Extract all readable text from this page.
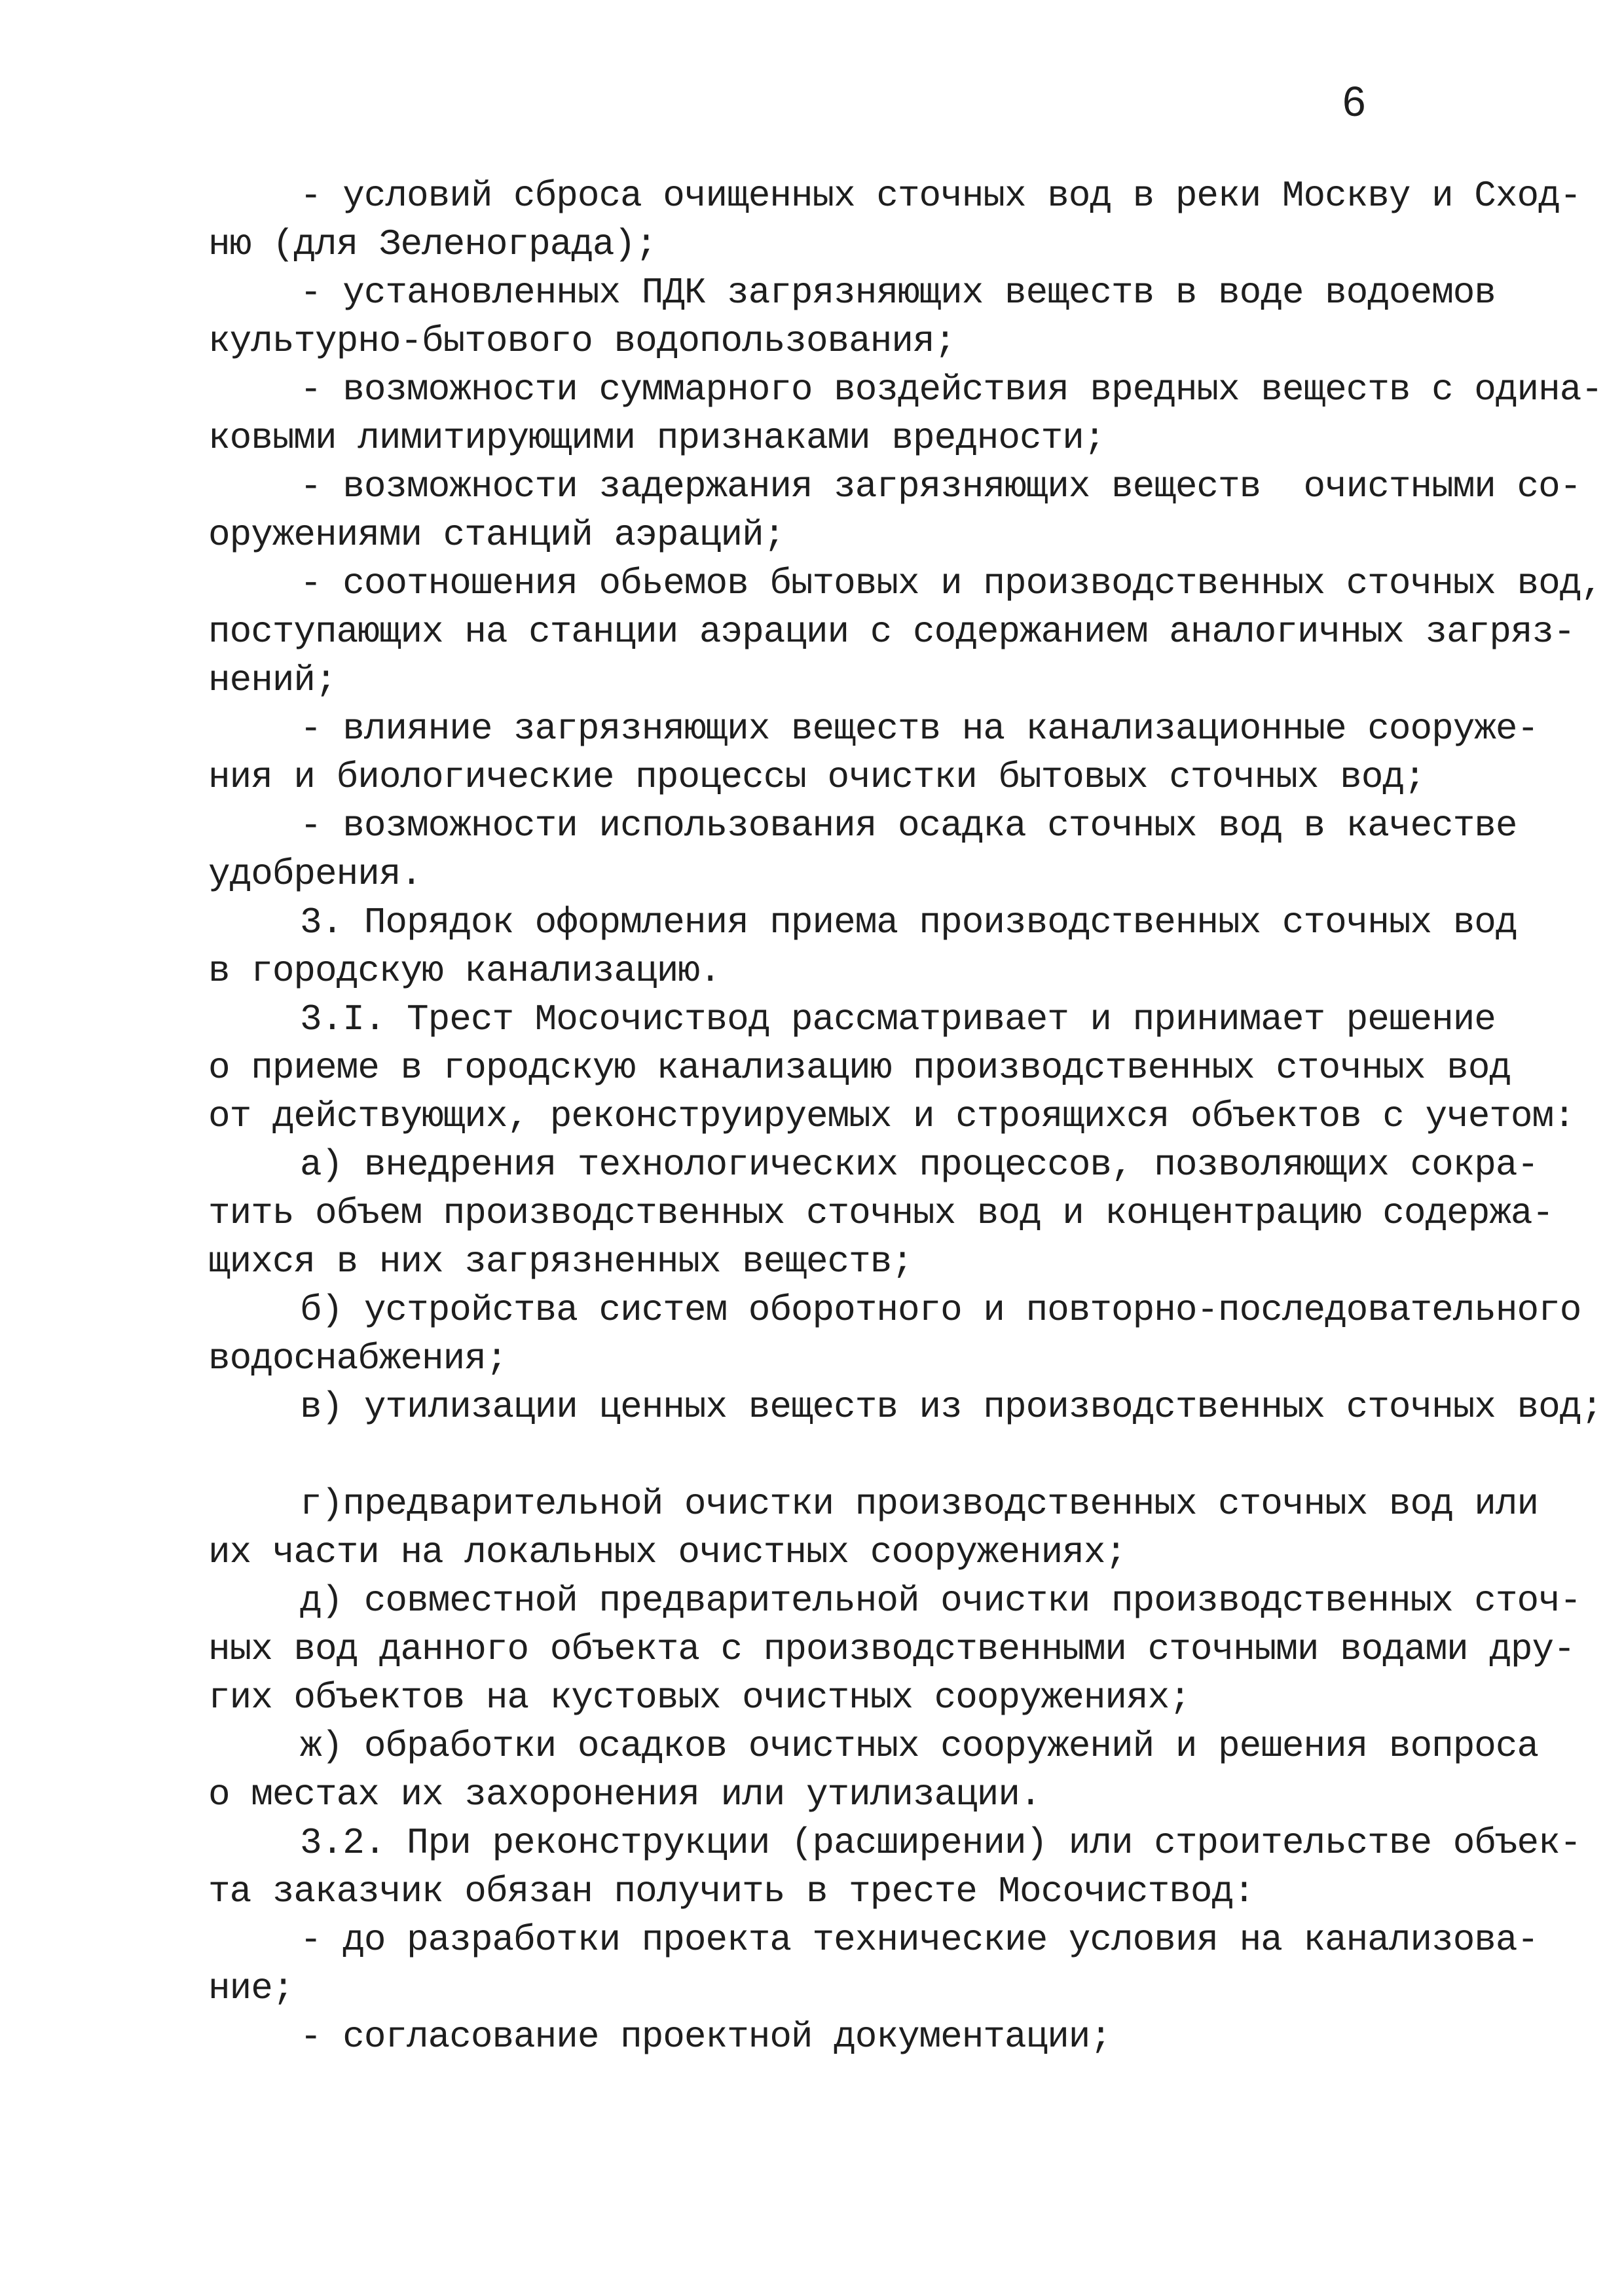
6
- условий сброса очищенных сточных вод в реки Москву и Сход-
ню (для Зеленограда);
- установленных ПДК загрязняющих веществ в воде водоемов
культурно-бытового водопользования;
- возможности суммарного воздействия вредных веществ с одина-
ковыми лимитирующими признаками вредности;
- возможности задержания загрязняющих веществ  очистными со-
оружениями станций аэраций;
- соотношения обьемов бытовых и производственных сточных вод,
поступающих на станции аэрации с содержанием аналогичных загряз-
нений;
- влияние загрязняющих веществ на канализационные сооруже-
ния и биологические процессы очистки бытовых сточных вод;
- возможности использования осадка сточных вод в качестве
удобрения.
3. Порядок оформления приема производственных сточных вод
в городскую канализацию.
3.I. Трест Мосочиствод рассматривает и принимает решение
о приеме в городскую канализацию производственных сточных вод
от действующих, реконструируемых и строящихся объектов с учетом:
а) внедрения технологических процессов, позволяющих сокра-
тить объем производственных сточных вод и концентрацию содержа-
щихся в них загрязненных веществ;
б) устройства систем оборотного и повторно-последовательного
водоснабжения;
в) утилизации ценных веществ из производственных сточных вод;
г)предварительной очистки производственных сточных вод или
их части на локальных очистных сооружениях;
д) совместной предварительной очистки производственных сточ-
ных вод данного объекта с производственными сточными водами дру-
гих объектов на кустовых очистных сооружениях;
ж) обработки осадков очистных сооружений и решения вопроса
о местах их захоронения или утилизации.
3.2. При реконструкции (расширении) или строительстве объек-
та заказчик обязан получить в тресте Мосочиствод:
- до разработки проекта технические условия на канализова-
ние;
- согласование проектной документации;
